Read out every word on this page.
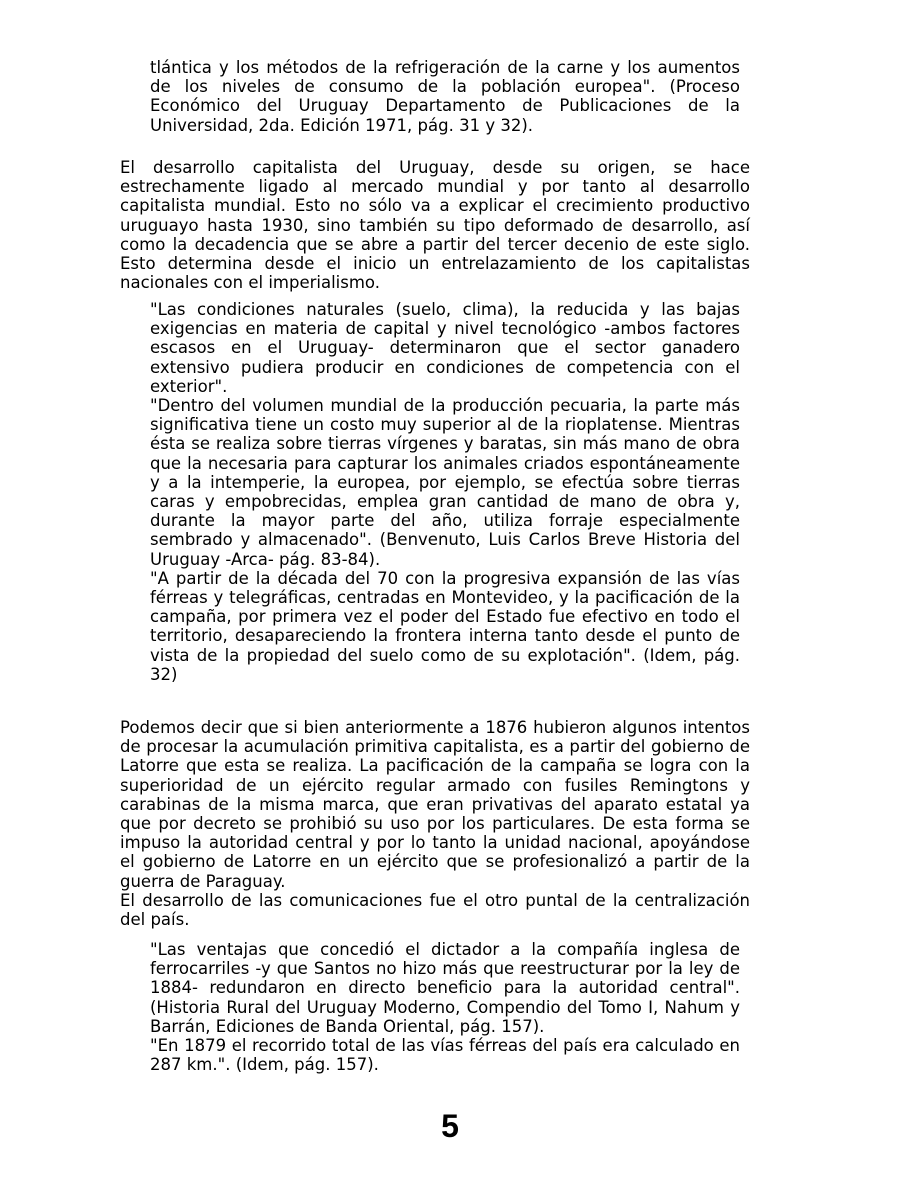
tlántica y los métodos de la refrigeración de la carne y los aumentos de los niveles de consumo de la población europea". (Proceso Económico del Uruguay Departamento de Publicaciones de la Universidad, 2da. Edición 1971, pág. 31 y 32).

El desarrollo capitalista del Uruguay, desde su origen, se hace estrechamente ligado al mercado mundial y por tanto al desarrollo capitalista mundial. Esto no sólo va a explicar el crecimiento productivo uruguayo hasta 1930, sino también su tipo deformado de desarrollo, así como la decadencia que se abre a partir del tercer decenio de este siglo. Esto determina desde el inicio un entrelazamiento de los capitalistas nacionales con el imperialismo.

"Las condiciones naturales (suelo, clima), la reducida y las bajas exigencias en materia de capital y nivel tecnológico -ambos factores escasos en el Uruguay- determinaron que el sector ganadero extensivo pudiera producir en condiciones de competencia con el exterior".

"Dentro del volumen mundial de la producción pecuaria, la parte más significativa tiene un costo muy superior al de la rioplatense. Mientras ésta se realiza sobre tierras vírgenes y baratas, sin más mano de obra que la necesaria para capturar los animales criados espontáneamente y a la intemperie, la europea, por ejemplo, se efectúa sobre tierras caras y empobrecidas, emplea gran cantidad de mano de obra y, durante la mayor parte del año, utiliza forraje especialmente sembrado y almacenado". (Benvenuto, Luis Carlos Breve Historia del Uruguay -Arca- pág. 83-84).

"A partir de la década del 70 con la progresiva expansión de las vías férreas y telegráficas, centradas en Montevideo, y la pacificación de la campaña, por primera vez el poder del Estado fue efectivo en todo el territorio, desapareciendo la frontera interna tanto desde el punto de vista de la propiedad del suelo como de su explotación". (Idem, pág. 32)

Podemos decir que si bien anteriormente a 1876 hubieron algunos intentos de procesar la acumulación primitiva capitalista, es a partir del gobierno de Latorre que esta se realiza. La pacificación de la campaña se logra con la superioridad de un ejército regular armado con fusiles Remingtons y carabinas de la misma marca, que eran privativas del aparato estatal ya que por decreto se prohibió su uso por los particulares. De esta forma se impuso la autoridad central y por lo tanto la unidad nacional, apoyándose el gobierno de Latorre en un ejército que se profesionalizó a partir de la guerra de Paraguay.

El desarrollo de las comunicaciones fue el otro puntal de la centralización del país.

"Las ventajas que concedió el dictador a la compañía inglesa de ferrocarriles -y que Santos no hizo más que reestructurar por la ley de 1884- redundaron en directo beneficio para la autoridad central". (Historia Rural del Uruguay Moderno, Compendio del Tomo I, Nahum y Barrán, Ediciones de Banda Oriental, pág. 157).

"En 1879 el recorrido total de las vías férreas del país era calculado en 287 km.". (Idem, pág. 157).

5
